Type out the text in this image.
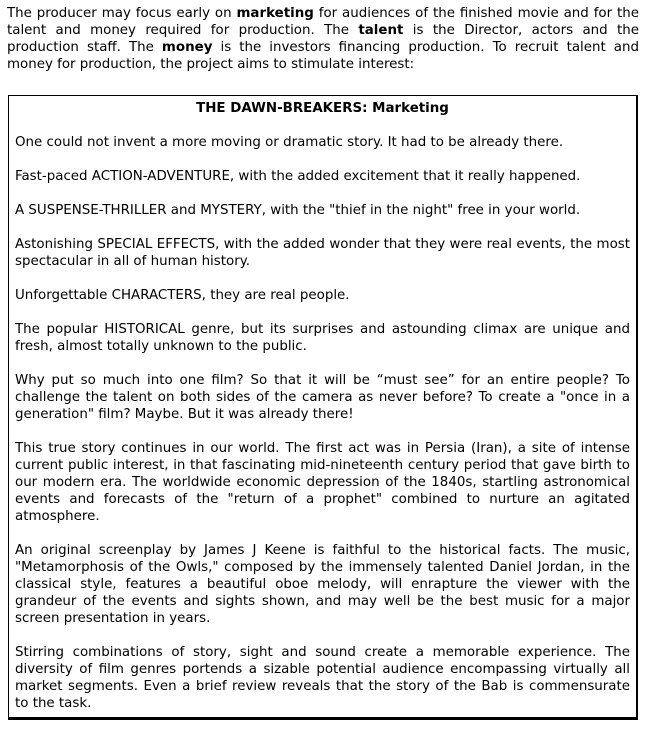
The producer may focus early on marketing for audiences of the finished movie and for the talent and money required for production. The talent is the Director, actors and the production staff. The money is the investors financing production. To recruit talent and money for production, the project aims to stimulate interest:

THE DAWN-BREAKERS: Marketing

One could not invent a more moving or dramatic story. It had to be already there.

Fast-paced ACTION-ADVENTURE, with the added excitement that it really happened.

A SUSPENSE-THRILLER and MYSTERY, with the "thief in the night" free in your world.

Astonishing SPECIAL EFFECTS, with the added wonder that they were real events, the most spectacular in all of human history.

Unforgettable CHARACTERS, they are real people.

The popular HISTORICAL genre, but its surprises and astounding climax are unique and fresh, almost totally unknown to the public.

Why put so much into one film? So that it will be “must see” for an entire people? To challenge the talent on both sides of the camera as never before? To create a "once in a generation" film? Maybe. But it was already there!

This true story continues in our world. The first act was in Persia (Iran), a site of intense current public interest, in that fascinating mid-nineteenth century period that gave birth to our modern era. The worldwide economic depression of the 1840s, startling astronomical events and forecasts of the "return of a prophet" combined to nurture an agitated atmosphere.

An original screenplay by James J Keene is faithful to the historical facts. The music, "Metamorphosis of the Owls," composed by the immensely talented Daniel Jordan, in the classical style, features a beautiful oboe melody, will enrapture the viewer with the grandeur of the events and sights shown, and may well be the best music for a major screen presentation in years.

Stirring combinations of story, sight and sound create a memorable experience. The diversity of film genres portends a sizable potential audience encompassing virtually all market segments. Even a brief review reveals that the story of the Bab is commensurate to the task.
